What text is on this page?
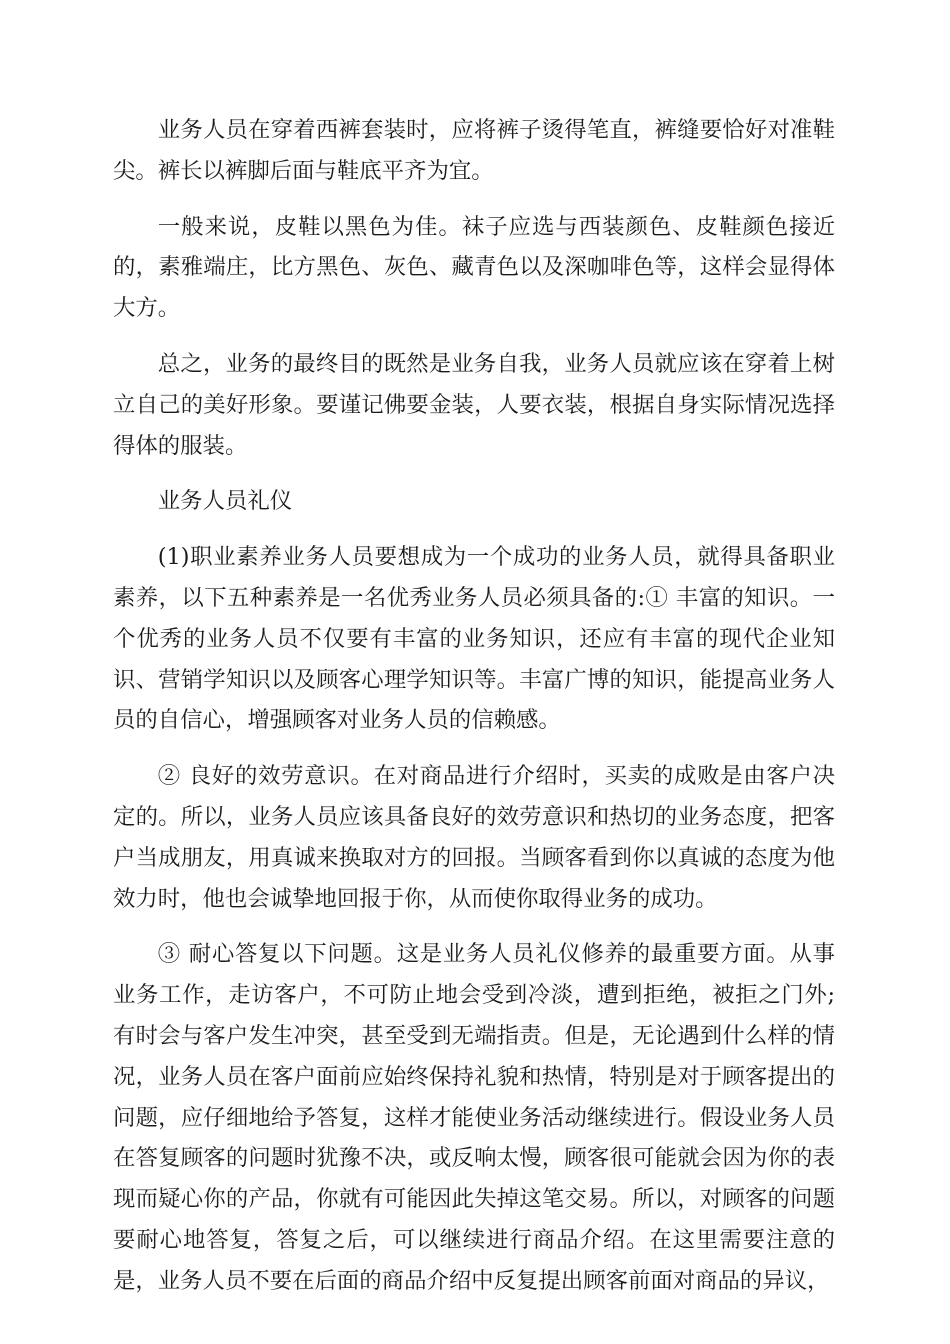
业务人员在穿着西裤套装时，应将裤子烫得笔直，裤缝要恰好对准鞋尖。裤长以裤脚后面与鞋底平齐为宜。

一般来说，皮鞋以黑色为佳。袜子应选与西装颜色、皮鞋颜色接近的，素雅端庄，比方黑色、灰色、藏青色以及深咖啡色等，这样会显得体大方。

总之，业务的最终目的既然是业务自我，业务人员就应该在穿着上树立自己的美好形象。要谨记佛要金装，人要衣装，根据自身实际情况选择得体的服装。

业务人员礼仪

(1)职业素养业务人员要想成为一个成功的业务人员，就得具备职业素养，以下五种素养是一名优秀业务人员必须具备的:① 丰富的知识。一个优秀的业务人员不仅要有丰富的业务知识，还应有丰富的现代企业知识、营销学知识以及顾客心理学知识等。丰富广博的知识，能提高业务人员的自信心，增强顾客对业务人员的信赖感。

② 良好的效劳意识。在对商品进行介绍时，买卖的成败是由客户决定的。所以，业务人员应该具备良好的效劳意识和热切的业务态度，把客户当成朋友，用真诚来换取对方的回报。当顾客看到你以真诚的态度为他效力时，他也会诚挚地回报于你，从而使你取得业务的成功。

③ 耐心答复以下问题。这是业务人员礼仪修养的最重要方面。从事业务工作，走访客户，不可防止地会受到冷淡，遭到拒绝，被拒之门外;有时会与客户发生冲突，甚至受到无端指责。但是，无论遇到什么样的情况，业务人员在客户面前应始终保持礼貌和热情，特别是对于顾客提出的问题，应仔细地给予答复，这样才能使业务活动继续进行。假设业务人员在答复顾客的问题时犹豫不决，或反响太慢，顾客很可能就会因为你的表现而疑心你的产品，你就有可能因此失掉这笔交易。所以，对顾客的问题要耐心地答复，答复之后，可以继续进行商品介绍。在这里需要注意的是，业务人员不要在后面的商品介绍中反复提出顾客前面对商品的异议，
